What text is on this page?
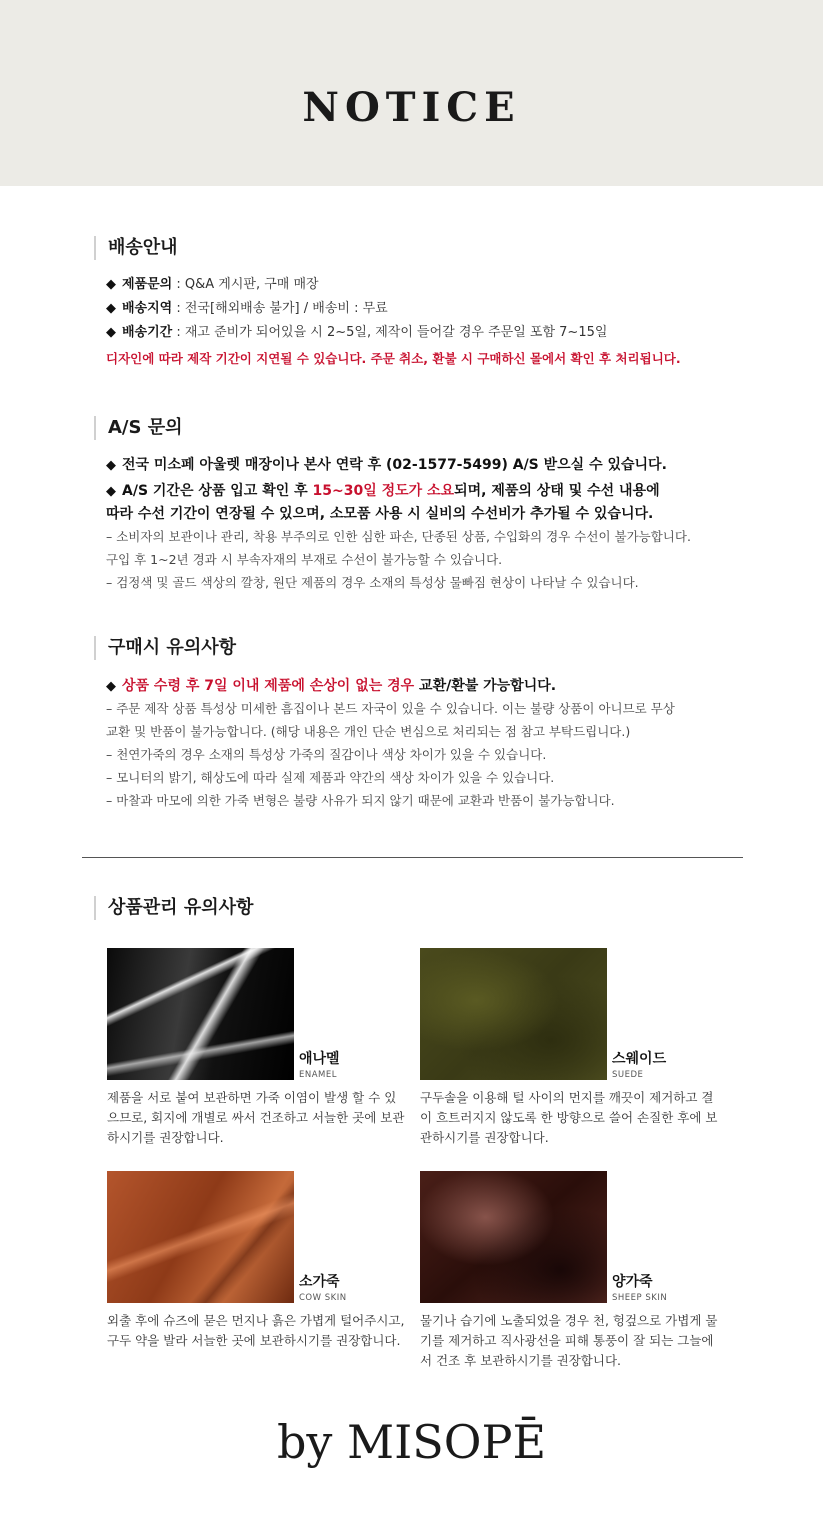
NOTICE
배송안내
◆ 제품문의 : Q&A 게시판, 구매 매장
◆ 배송지역 : 전국[해외배송 불가] / 배송비 : 무료
◆ 배송기간 : 재고 준비가 되어있을 시 2~5일, 제작이 들어갈 경우 주문일 포함 7~15일
디자인에 따라 제작 기간이 지연될 수 있습니다. 주문 취소, 환불 시 구매하신 몰에서 확인 후 처리됩니다.
A/S 문의
◆ 전국 미소페 아울렛 매장이나 본사 연락 후 (02-1577-5499) A/S 받으실 수 있습니다.
◆ A/S 기간은 상품 입고 확인 후 15~30일 정도가 소요되며, 제품의 상태 및 수선 내용에
따라 수선 기간이 연장될 수 있으며, 소모품 사용 시 실비의 수선비가 추가될 수 있습니다.
– 소비자의 보관이나 관리, 착용 부주의로 인한 심한 파손, 단종된 상품, 수입화의 경우 수선이 불가능합니다.
구입 후 1~2년 경과 시 부속자재의 부재로 수선이 불가능할 수 있습니다.
– 검정색 및 골드 색상의 깔창, 원단 제품의 경우 소재의 특성상 물빠짐 현상이 나타날 수 있습니다.
구매시 유의사항
◆ 상품 수령 후 7일 이내 제품에 손상이 없는 경우 교환/환불 가능합니다.
– 주문 제작 상품 특성상 미세한 흠집이나 본드 자국이 있을 수 있습니다. 이는 불량 상품이 아니므로 무상
교환 및 반품이 불가능합니다. (해당 내용은 개인 단순 변심으로 처리되는 점 참고 부탁드립니다.)
– 천연가죽의 경우 소재의 특성상 가죽의 질감이나 색상 차이가 있을 수 있습니다.
– 모니터의 밝기, 해상도에 따라 실제 제품과 약간의 색상 차이가 있을 수 있습니다.
– 마찰과 마모에 의한 가죽 변형은 불량 사유가 되지 않기 때문에 교환과 반품이 불가능합니다.
상품관리 유의사항
애나멜
ENAMEL
제품을 서로 붙여 보관하면 가죽 이염이 발생 할 수 있으므로, 회지에 개별로 싸서 건조하고 서늘한 곳에 보관하시기를 권장합니다.
스웨이드
SUEDE
구두솔을 이용해 털 사이의 먼지를 깨끗이 제거하고 결이 흐트러지지 않도록 한 방향으로 쓸어 손질한 후에 보관하시기를 권장합니다.
소가죽
COW SKIN
외출 후에 슈즈에 묻은 먼지나 흙은 가볍게 털어주시고, 구두 약을 발라 서늘한 곳에 보관하시기를 권장합니다.
양가죽
SHEEP SKIN
물기나 습기에 노출되었을 경우 천, 헝겊으로 가볍게 물기를 제거하고 직사광선을 피해 통풍이 잘 되는 그늘에서 건조 후 보관하시기를 권장합니다.
by MISOPĒ
